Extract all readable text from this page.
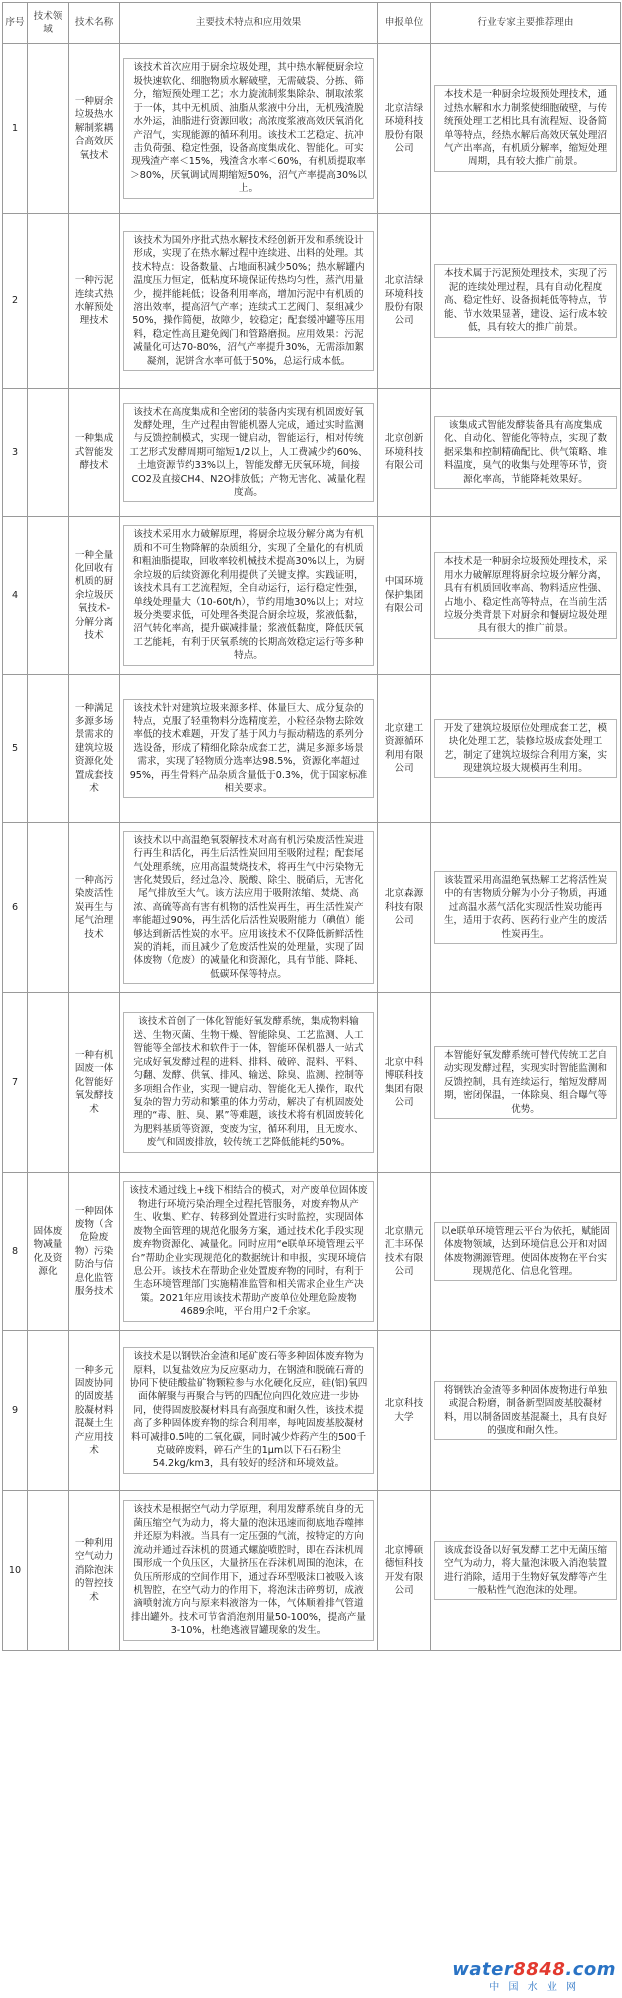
序号	技术领域	技术名称	主要技术特点和应用效果	申报单位	行业专家主要推荐理由
1		一种厨余垃圾热水解制浆耦合高效厌氧技术	该技术首次应用于厨余垃圾处理，其中热水解便厨余垃圾快速软化、细胞物质水解破壁，无需破袋、分拣、筛分，缩短预处理工艺；水力旋流制浆集除杂、制取浓浆于一体，其中无机质、油脂从浆液中分出，无机残渣脱水外运，油脂进行资源回收；高浓度浆液高效厌氧消化产沼气，实现能源的循环利用。该技术工艺稳定、抗冲击负荷强、稳定性强，设备高度集成化、智能化。可实现残渣产率＜15%，残渣含水率＜60%，有机质提取率＞80%，厌氧调试周期缩短50%，沼气产率提高30%以上。	北京洁绿环境科技股份有限公司	本技术是一种厨余垃圾预处理技术，通过热水解和水力制浆使细胞破壁，与传统预处理工艺相比具有流程短、设备简单等特点，经热水解后高效厌氧处理沼气产出率高，有机质分解率，缩短处理周期，具有较大推广前景。

2		一种污泥连续式热水解预处理技术	该技术为国外序批式热水解技术经创新开发和系统设计形成，实现了在热水解过程中连续进、出料的处理。其技术特点：设备数量、占地面积减少50%；热水解罐内温度压力恒定，低粘度环境保证传热均匀性，蒸汽用量少，搅拌能耗低；设备利用率高，增加污泥中有机质的溶出效率，提高沼气产率；连续式工艺阀门、泵组减少50%，操作简便，故障少，较稳定；配套缓冲罐等压用料，稳定性高且避免阀门和管路磨损。应用效果：污泥减量化可达70-80%，沼气产率提升30%，无需添加絮凝剂，泥饼含水率可低于50%，总运行成本低。	北京洁绿环境科技股份有限公司	本技术属于污泥预处理技术，实现了污泥的连续处理过程，具有自动化程度高、稳定性好、设备损耗低等特点，节能、节水效果显著，建设、运行成本较低，具有较大的推广前景。

3		一种集成式智能发酵技术	该技术在高度集成和全密闭的装备内实现有机固废好氧发酵处理，生产过程由智能机器人完成，通过实时监测与反馈控制模式，实现一键启动，智能运行，相对传统工艺形式发酵周期可缩短1/2以上，人工费减少约60%、土地资源节约33%以上，智能发酵无厌氧环境，间接CO2及直接CH4、N2O排放低；产物无害化、减量化程度高。	北京创新环境科技有限公司	该集成式智能发酵装备具有高度集成化、自动化、智能化等特点，实现了数据采集和控制精确配比、供气策略、堆料温度，臭气的收集与处理等环节，资源化率高，节能降耗效果好。

4		一种全量化回收有机质的厨余垃圾厌氧技术-分解分离技术	该技术采用水力破解原理，将厨余垃圾分解分离为有机质和不可生物降解的杂质组分，实现了全量化的有机质和粗油脂提取，回收率较机械技术提高30%以上，为厨余垃圾的后续资源化利用提供了关键支撑。实践证明，该技术具有工艺流程短，全自动运行，运行稳定性强，单线处理量大（10-60t/h），节约用地30%以上；对垃圾分类要求低，可处理各类混合厨余垃圾，浆液低黏，沼气转化率高，提升碳减排量；浆液低黏度，降低厌氧工艺能耗，有利于厌氧系统的长期高效稳定运行等多种特点。	中国环境保护集团有限公司	本技术是一种厨余垃圾预处理技术，采用水力破解原理将厨余垃圾分解分离，具有有机质回收率高、物料适应性强、占地小、稳定性高等特点，在当前生活垃圾分类背景下对厨余和餐厨垃圾处理具有很大的推广前景。

5		一种满足多源多场景需求的建筑垃圾资源化处置成套技术	该技术针对建筑垃圾来源多样、体量巨大、成分复杂的特点，克服了轻重物料分选精度差，小粒径杂物去除效率低的技术难题，开发了基于风力与振动精选的系列分选设备，形成了精细化除杂成套工艺，满足多源多场景需求，实现了轻物质分选率达98.5%，资源化率超过95%，再生骨料产品杂质含量低于0.3%，优于国家标准相关要求。	北京建工资源循环利用有限公司	开发了建筑垃圾原位处理成套工艺，模块化处理工艺，装修垃圾成套处理工艺，制定了建筑垃圾综合利用方案，实现建筑垃圾大规模再生利用。

6		一种高污染废活性炭再生与尾气治理技术	该技术以中高温绝氧裂解技术对高有机污染废活性炭进行再生和活化，再生后活性炭回用至吸附过程；配套尾气处理系统，应用高温焚烧技术，将再生气中污染物无害化焚毁后，经过急冷、脱酸、除尘、脱硝后，无害化尾气排放至大气。该方法应用于吸附浓缩、焚烧、高浓、高硫等高有害有机物的活性炭再生，再生活性炭产率能超过90%，再生活化后活性炭吸附能力（碘值）能够达到新活性炭的水平。应用该技术不仅降低新鲜活性炭的消耗，而且减少了危废活性炭的处理量，实现了固体废物（危废）的减量化和资源化，具有节能、降耗、低碳环保等特点。	北京森源科技有限公司	该装置采用高温绝氧热解工艺将活性炭中的有害物质分解为小分子物质，再通过高温水蒸气活化实现活性炭功能再生，适用于农药、医药行业产生的废活性炭再生。

7		一种有机固废一体化智能好氧发酵技术	该技术首创了一体化智能好氧发酵系统，集成物料输送、生物灭菌、生物干燥、智能除臭、工艺监测、人工智能等全部技术和软件于一体，智能环保机器人一站式完成好氧发酵过程的进料、排料、破碎、混料、平料、匀翻、发酵、供氧、排风、输送、除臭、监测、控制等多项组合作业，实现一键启动、智能化无人操作，取代复杂的智力劳动和繁重的体力劳动，解决了有机固废处理的“毒、脏、臭、累”等难题，该技术将有机固废转化为肥料基质等资源，变废为宝，循环利用，且无废水、废气和固废排放，较传统工艺降低能耗约50%。	北京中科博联科技集团有限公司	本智能好氧发酵系统可替代传统工艺自动实现发酵过程，实现实时智能监测和反馈控制，具有连续运行，缩短发酵周期，密闭保温，一体除臭、组合曝气等优势。

8	固体废物减量化及资源化	一种固体废物（含危险废物）污染防治与信息化监管服务技术	该技术通过线上+线下相结合的模式，对产废单位固体废物进行环境污染治理全过程托管服务，对废弃物从产生、收集、贮存、转移到处置进行实时监控，实现固体废物全面管理的规范化服务方案，通过技术化手段实现废弃物资源化、减量化。同时应用“e联单环境管理云平台”帮助企业实现规范化的数据统计和申报，实现环境信息公开。该技术在帮助企业处置废弃物的同时，有利于生态环境管理部门实施精准监管和相关需求企业生产决策。2021年应用该技术帮助产废单位处理危险废物4689余吨，平台用户2千余家。	北京鼎元汇丰环保技术有限公司	以e联单环境管理云平台为依托，赋能固体废物领域，达到环境信息公开和对固体废物溯源管理。使固体废物在平台实现规范化、信息化管理。

9		一种多元固废协同的固废基胶凝材料混凝土生产应用技术	该技术是以钢铁冶金渣和尾矿废石等多种固体废弃物为原料，以复盐效应为反应驱动力，在钢渣和脱硫石膏的协同下使硅酸盐矿物颗粒参与水化硬化反应，硅(铝)氧四面体解聚与再聚合与钙的四配位向四化效应进一步协同，使得固废胶凝材料具有高强度和耐久性，该技术提高了多种固体废弃物的综合利用率，每吨固废基胶凝材料可减排0.5吨的二氧化碳，同时减少炸药产生的500千克破碎废料，碎石产生的1μm以下石石粉尘54.2kg/km3，具有较好的经济和环境效益。	北京科技大学	将钢铁冶金渣等多种固体废物进行单独或混合粉磨，制备新型固废基胶凝材料，用以制备固废基混凝土，具有良好的强度和耐久性。

10		一种利用空气动力消除泡沫的智控技术	该技术是根据空气动力学原理，利用发酵系统自身的无菌压缩空气为动力，将大量的泡沫迅速而彻底地吞噬摔并还原为料液。当具有一定压强的气流，按特定的方向流动并通过吞沫机的贯通式螺旋喷腔时，即在吞沫机周围形成一个负压区，大量挤压在吞沫机周围的泡沫，在负压所形成的空间作用下，通过吞环型吸沫口被吸入该机智腔，在空气动力的作用下，将泡沫击碎剪切，成液滴喷射流方向与原来料液溶为一体，气体顺着排气管道排出罐外。技术可节省消泡剂用量50-100%，提高产量3-10%，杜绝逃液冒罐现象的发生。	北京博硕德恒科技开发有限公司	该成套设备以好氧发酵工艺中无菌压缩空气为动力，将大量泡沫吸入消泡装置进行消除，适用于生物好氧发酵等产生一般粘性气泡泡沫的处理。
water8848.com
中 国 水 业 网
